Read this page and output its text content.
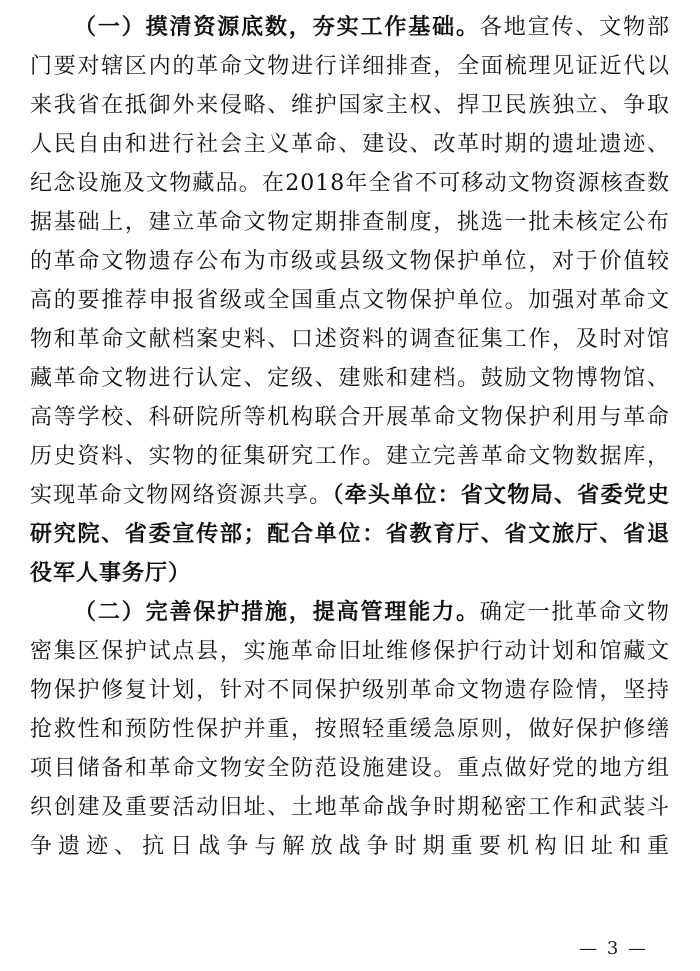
（一）摸清资源底数，夯实工作基础。各地宣传、文物部门要对辖区内的革命文物进行详细排查，全面梳理见证近代以来我省在抵御外来侵略、维护国家主权、捍卫民族独立、争取人民自由和进行社会主义革命、建设、改革时期的遗址遗迹、纪念设施及文物藏品。在2018年全省不可移动文物资源核查数据基础上，建立革命文物定期排查制度，挑选一批未核定公布的革命文物遗存公布为市级或县级文物保护单位，对于价值较高的要推荐申报省级或全国重点文物保护单位。加强对革命文物和革命文献档案史料、口述资料的调查征集工作，及时对馆藏革命文物进行认定、定级、建账和建档。鼓励文物博物馆、高等学校、科研院所等机构联合开展革命文物保护利用与革命历史资料、实物的征集研究工作。建立完善革命文物数据库，实现革命文物网络资源共享。（牵头单位：省文物局、省委党史研究院、省委宣传部；配合单位：省教育厅、省文旅厅、省退役军人事务厅）

（二）完善保护措施，提高管理能力。确定一批革命文物密集区保护试点县，实施革命旧址维修保护行动计划和馆藏文物保护修复计划，针对不同保护级别革命文物遗存险情，坚持抢救性和预防性保护并重，按照轻重缓急原则，做好保护修缮项目储备和革命文物安全防范设施建设。重点做好党的地方组织创建及重要活动旧址、土地革命战争时期秘密工作和武装斗争遗迹、抗日战争与解放战争时期重要机构旧址和重

— 3 —
